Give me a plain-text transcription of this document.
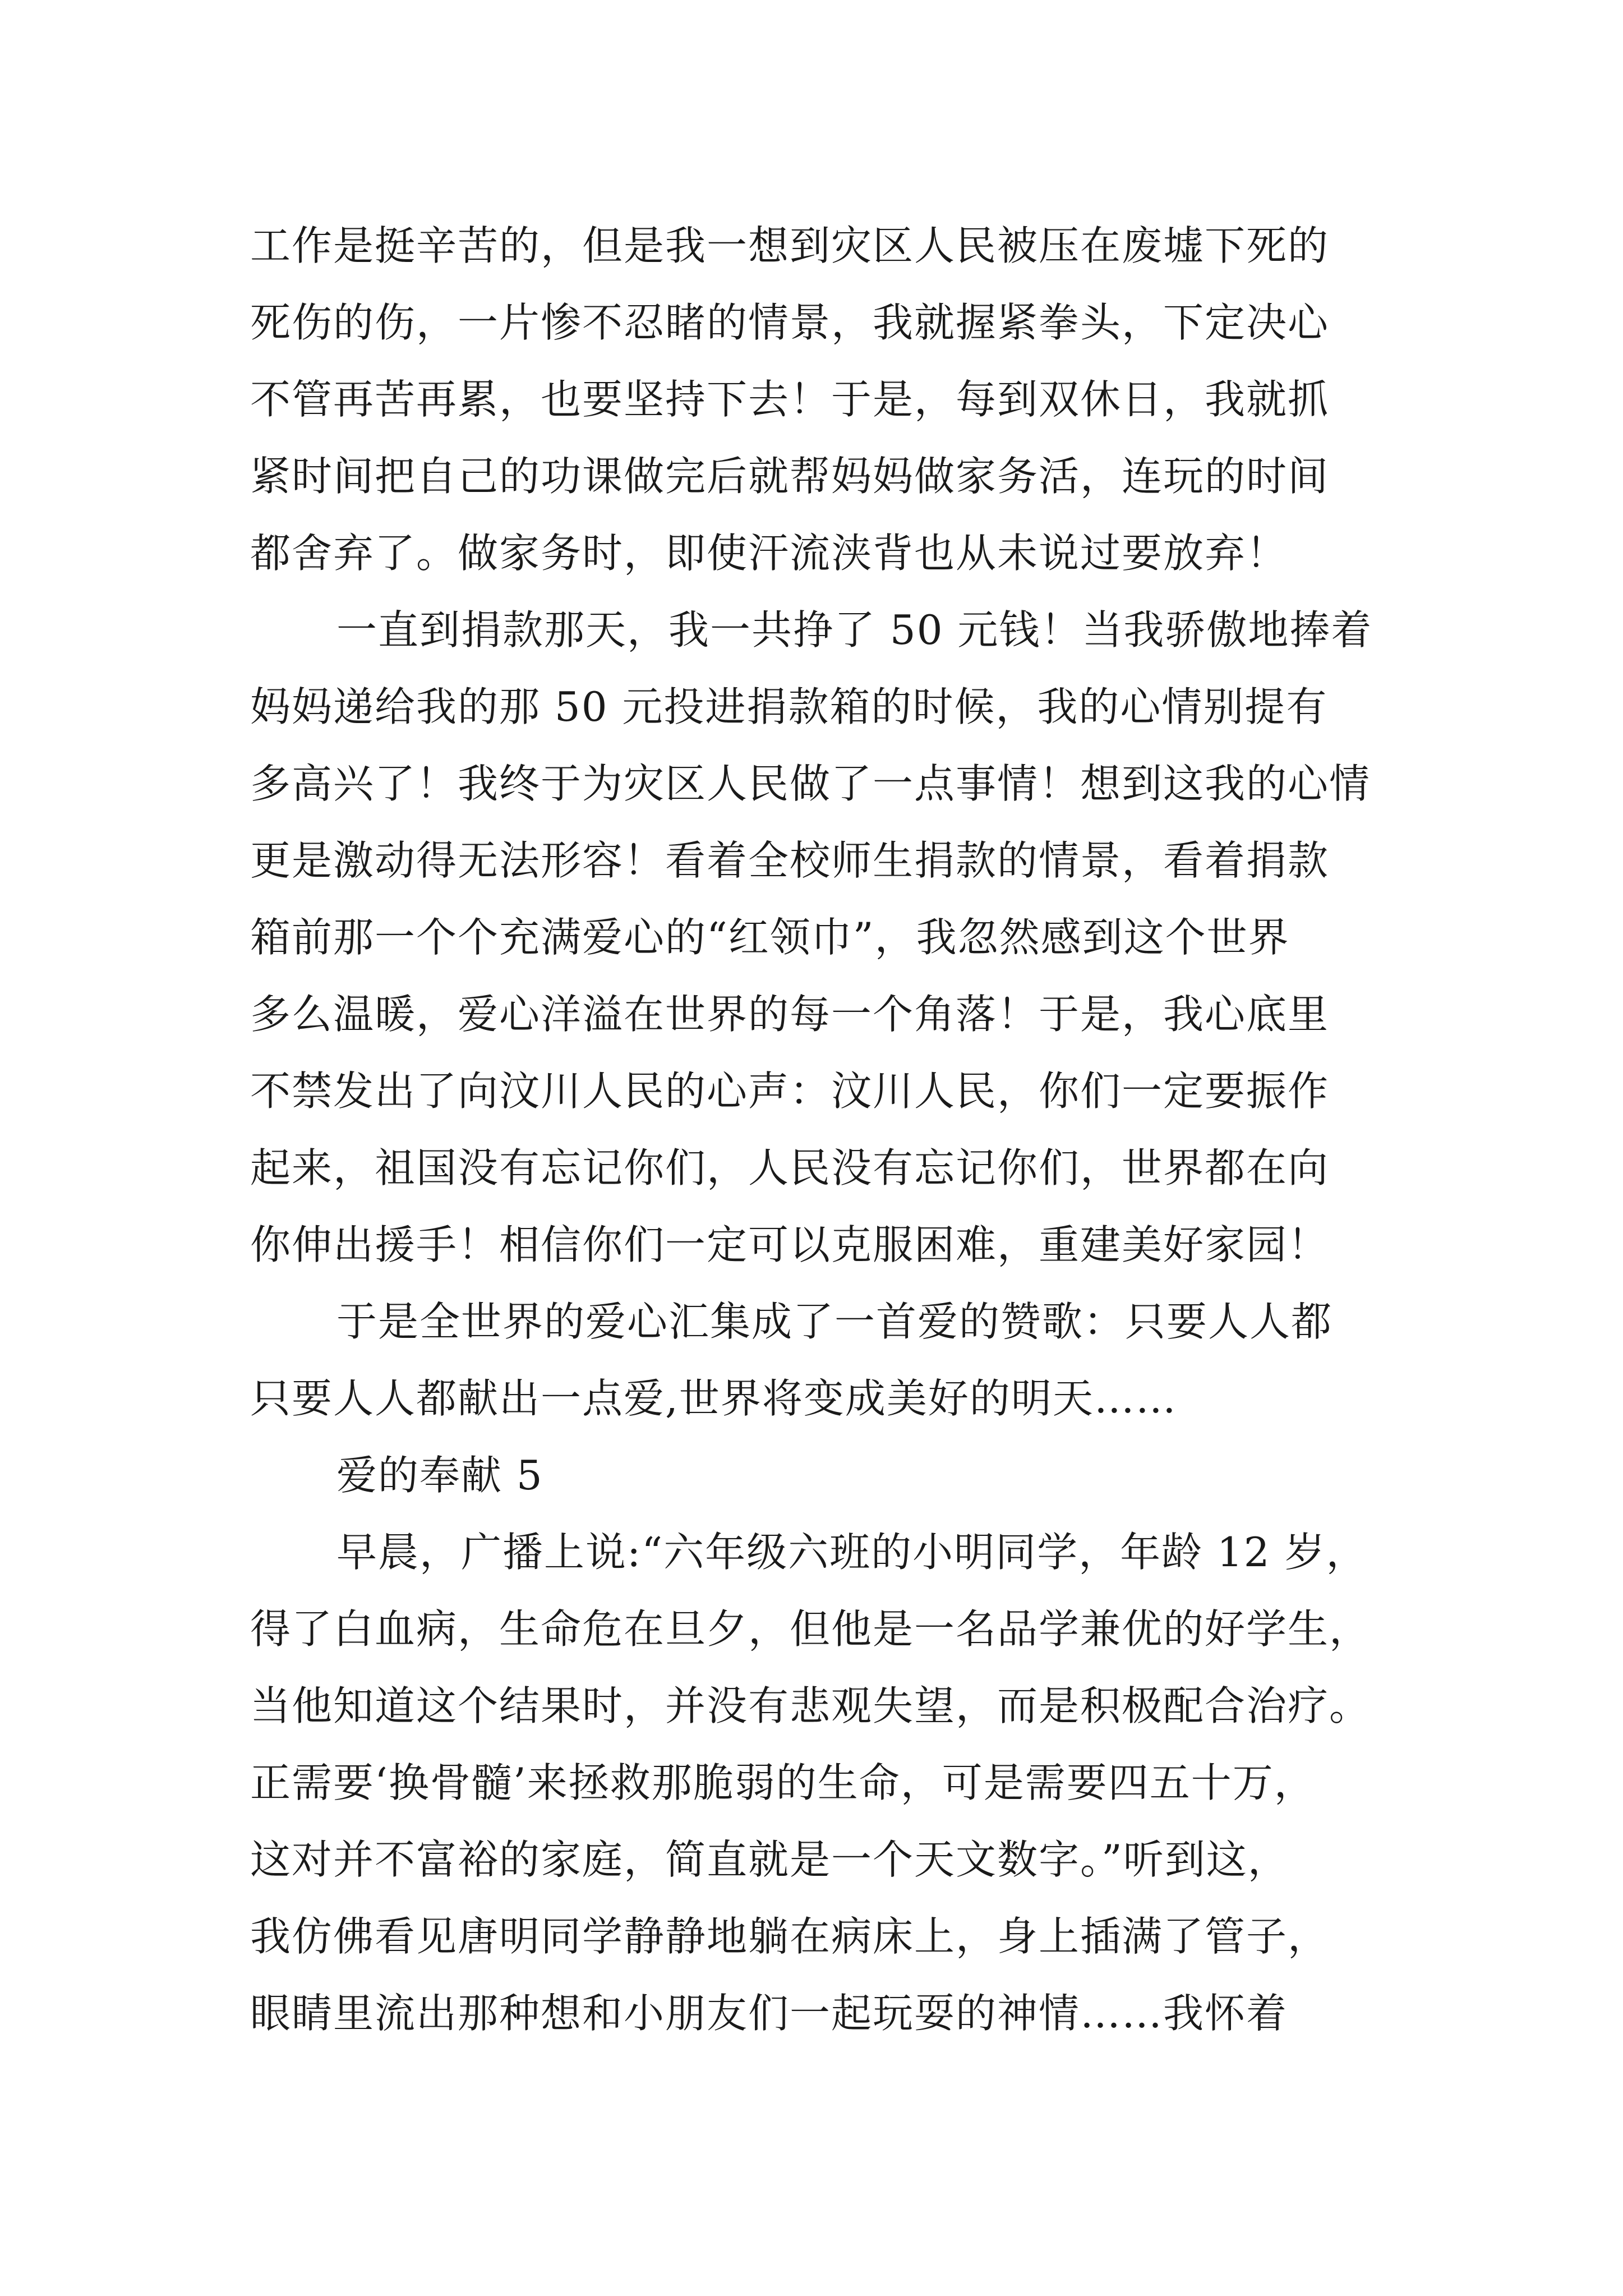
工作是挺辛苦的，但是我一想到灾区人民被压在废墟下死的
死伤的伤，一片惨不忍睹的情景，我就握紧拳头，下定决心
不管再苦再累，也要坚持下去！于是，每到双休日，我就抓
紧时间把自己的功课做完后就帮妈妈做家务活，连玩的时间
都舍弃了。做家务时，即使汗流浃背也从未说过要放弃！
一直到捐款那天，我一共挣了 50 元钱！当我骄傲地捧着
妈妈递给我的那 50 元投进捐款箱的时候，我的心情别提有
多高兴了！我终于为灾区人民做了一点事情！想到这我的心情
更是激动得无法形容！看着全校师生捐款的情景，看着捐款
箱前那一个个充满爱心的“红领巾”，我忽然感到这个世界
多么温暖，爱心洋溢在世界的每一个角落！于是，我心底里
不禁发出了向汶川人民的心声：汶川人民，你们一定要振作
起来，祖国没有忘记你们，人民没有忘记你们，世界都在向
你伸出援手！相信你们一定可以克服困难，重建美好家园！
于是全世界的爱心汇集成了一首爱的赞歌：只要人人都
只要人人都献出一点爱,世界将变成美好的明天……
爱的奉献 5
早晨，广播上说:“六年级六班的小明同学，年龄 12 岁，
得了白血病，生命危在旦夕，但他是一名品学兼优的好学生，
当他知道这个结果时，并没有悲观失望，而是积极配合治疗。
正需要‘换骨髓’来拯救那脆弱的生命，可是需要四五十万，
这对并不富裕的家庭，简直就是一个天文数字。”听到这，
我仿佛看见唐明同学静静地躺在病床上，身上插满了管子，
眼睛里流出那种想和小朋友们一起玩耍的神情……我怀着
